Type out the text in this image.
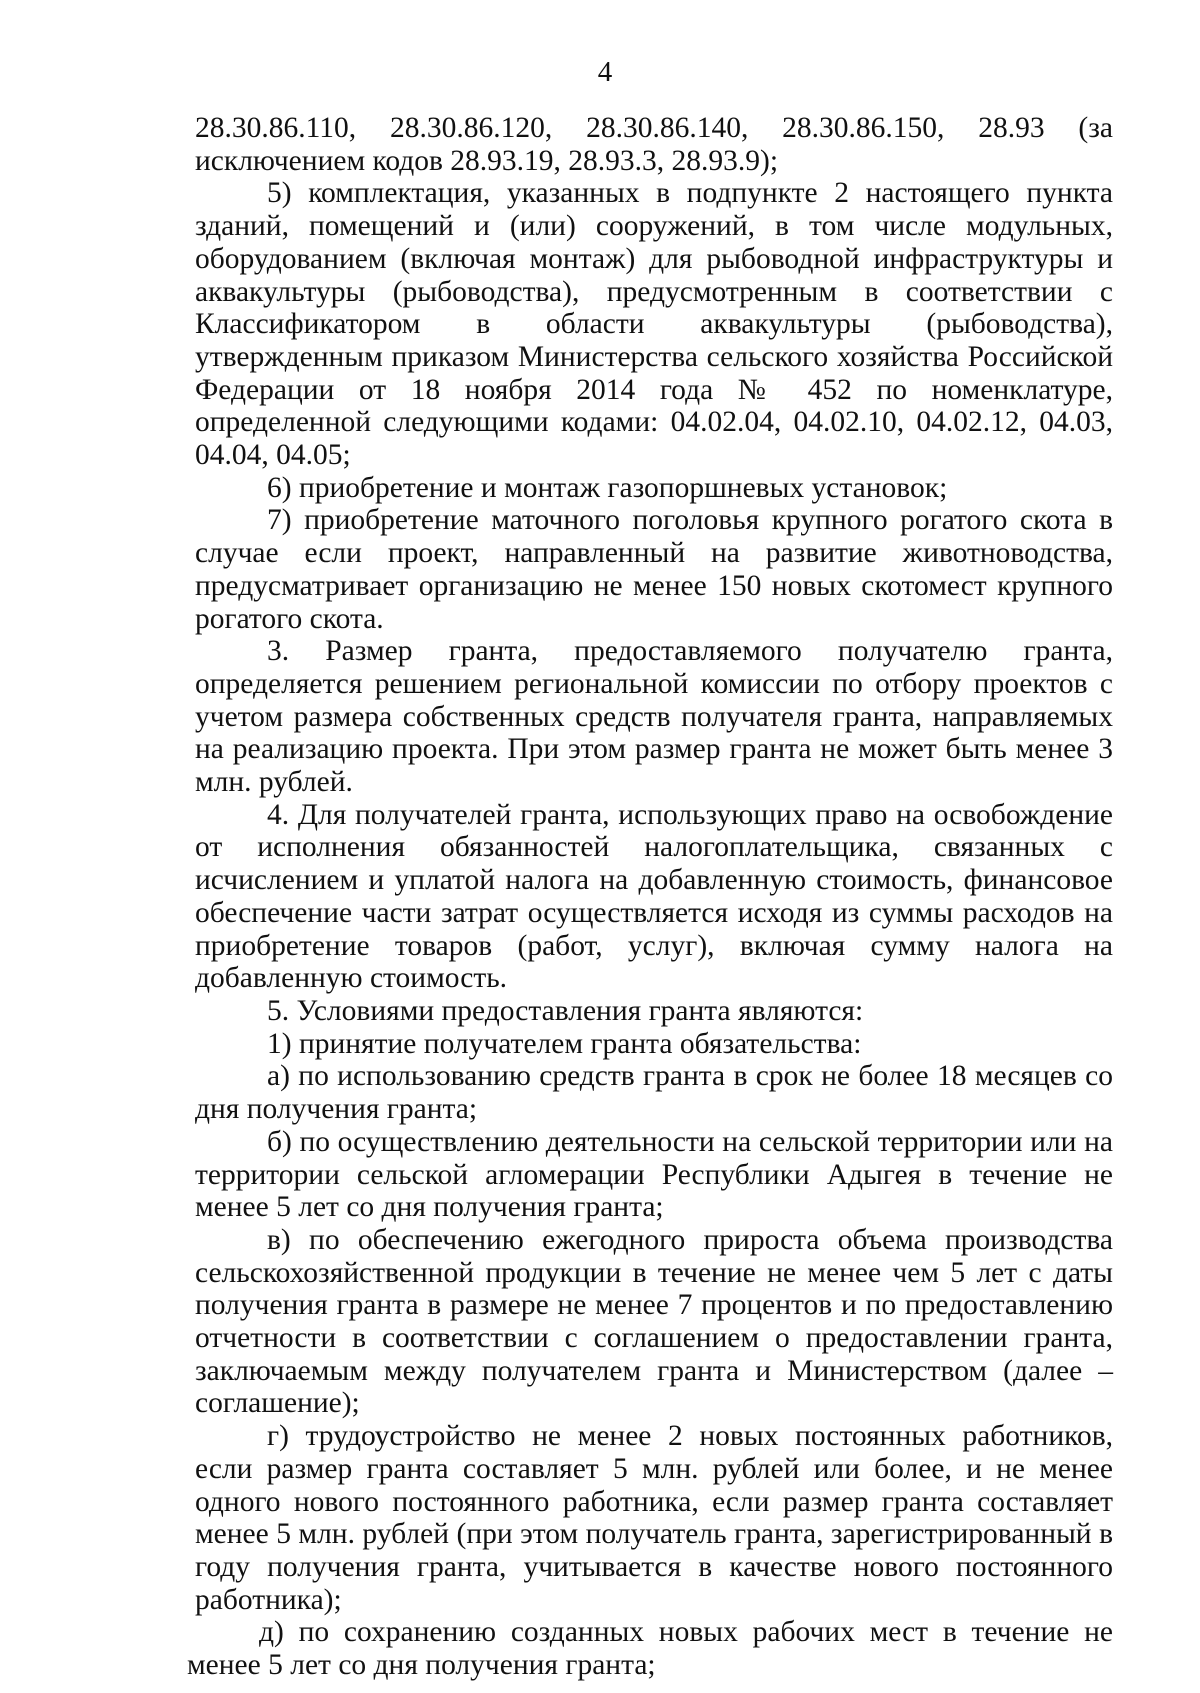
4
28.30.86.110, 28.30.86.120, 28.30.86.140, 28.30.86.150, 28.93 (за

исключением кодов 28.93.19, 28.93.3, 28.93.9);

5) комплектация, указанных в подпункте 2 настоящего пункта зданий, помещений и (или) сооружений, в том числе модульных, оборудованием (включая монтаж) для рыбоводной инфраструктуры и аквакультуры (рыбоводства), предусмотренным в соответствии с Классификатором в области аквакультуры (рыбоводства), утвержденным приказом Министерства сельского хозяйства Российской Федерации от 18 ноября 2014 года № 452 по номенклатуре, определенной следующими кодами: 04.02.04, 04.02.10, 04.02.12, 04.03, 04.04, 04.05;

6) приобретение и монтаж газопоршневых установок;

7) приобретение маточного поголовья крупного рогатого скота в случае если проект, направленный на развитие животноводства, предусматривает организацию не менее 150 новых скотомест крупного рогатого скота.

3. Размер гранта, предоставляемого получателю гранта, определяется решением региональной комиссии по отбору проектов с учетом размера собственных средств получателя гранта, направляемых на реализацию проекта. При этом размер гранта не может быть менее 3 млн. рублей.

4. Для получателей гранта, использующих право на освобождение от исполнения обязанностей налогоплательщика, связанных с исчислением и уплатой налога на добавленную стоимость, финансовое обеспечение части затрат осуществляется исходя из суммы расходов на приобретение товаров (работ, услуг), включая сумму налога на добавленную стоимость.

5. Условиями предоставления гранта являются:

1) принятие получателем гранта обязательства:

а) по использованию средств гранта в срок не более 18 месяцев со дня получения гранта;

б) по осуществлению деятельности на сельской территории или на территории сельской агломерации Республики Адыгея в течение не менее 5 лет со дня получения гранта;

в) по обеспечению ежегодного прироста объема производства сельскохозяйственной продукции в течение не менее чем 5 лет с даты получения гранта в размере не менее 7 процентов и по предоставлению отчетности в соответствии с соглашением о предоставлении гранта, заключаемым между получателем гранта и Министерством (далее – соглашение);

г) трудоустройство не менее 2 новых постоянных работников, если размер гранта составляет 5 млн. рублей или более, и не менее одного нового постоянного работника, если размер гранта составляет менее 5 млн. рублей (при этом получатель гранта, зарегистрированный в году получения гранта, учитывается в качестве нового постоянного работника);

д) по сохранению созданных новых рабочих мест в течение не менее 5 лет со дня получения гранта;
